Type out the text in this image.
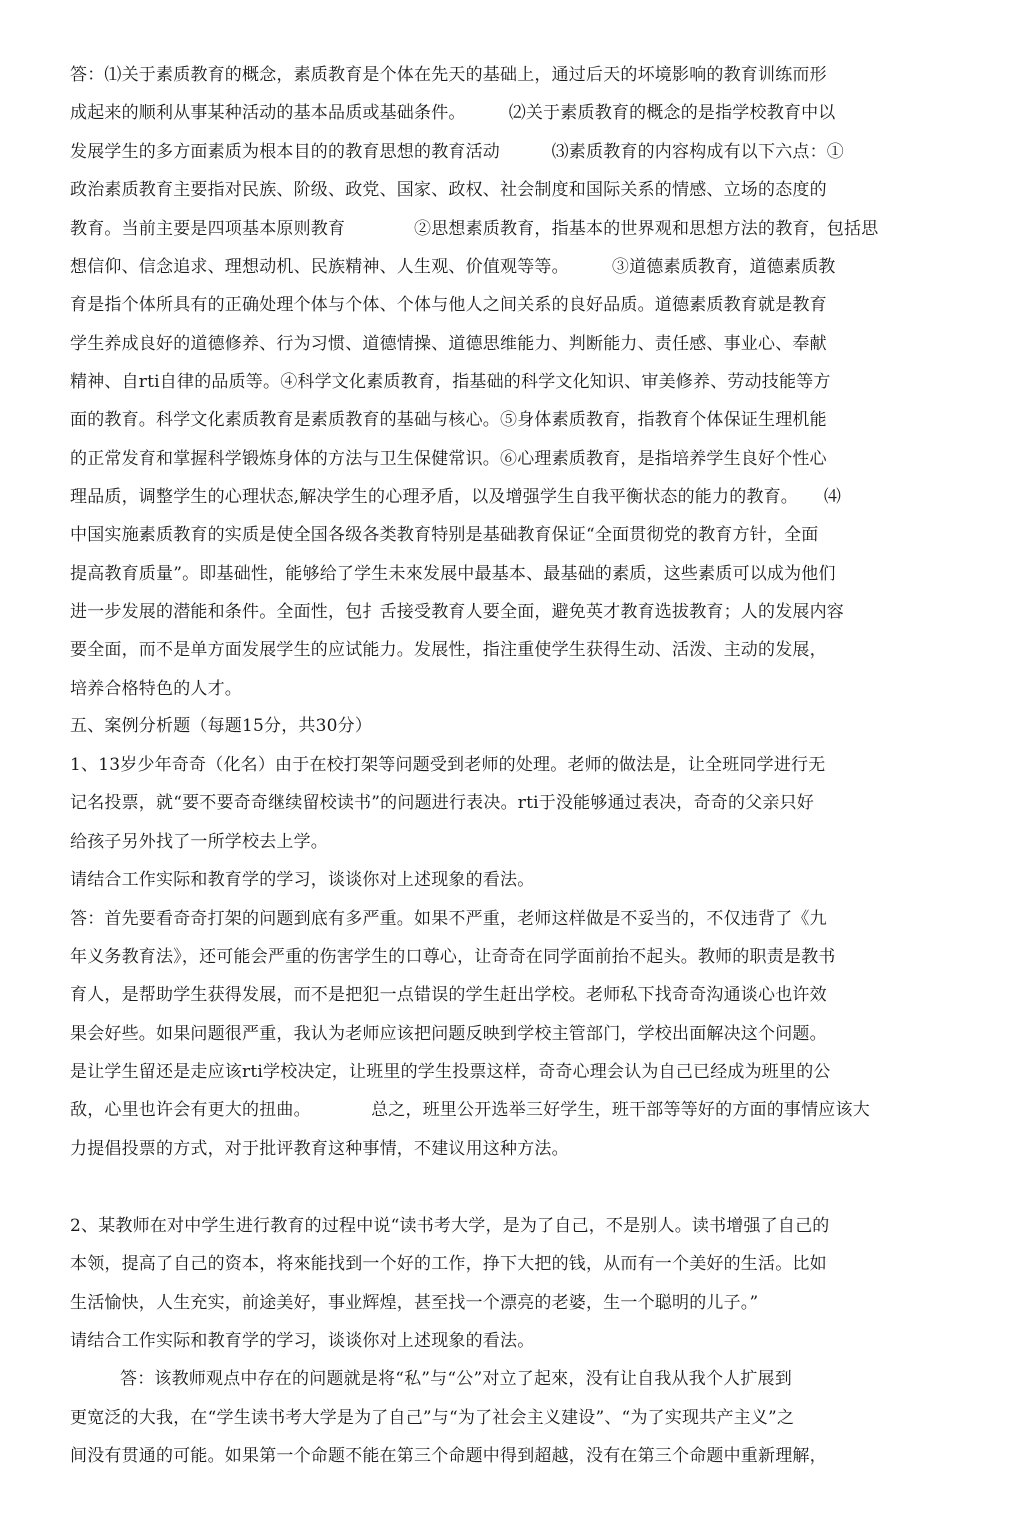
答：⑴关于素质教育的概念，素质教育是个体在先天的基础上，通过后天的坏境影响的教育训练而形
成起来的顺利从事某种活动的基本品质或基础条件。　　　⑵关于素质教育的概念的是指学校教育中以
发展学生的多方面素质为根本目的的教育思想的教育活动　　　⑶素质教育的内容构成有以下六点：①
政治素质教育主要指对民族、阶级、政党、国家、政权、社会制度和国际关系的情感、立场的态度的
教育。当前主要是四项基本原则教育　　　　②思想素质教育，指基本的世界观和思想方法的教育，包括思
想信仰、信念追求、理想动机、民族精神、人生观、价值观等等。　　　③道德素质教育，道德素质教
育是指个体所具有的正确处理个体与个体、个体与他人之间关系的良好品质。道德素质教育就是教育
学生养成良好的道德修养、行为习惯、道德情操、道德思维能力、判断能力、责任感、事业心、奉献
精神、自rti自律的品质等。④科学文化素质教育，指基础的科学文化知识、审美修养、劳动技能等方
面的教育。科学文化素质教育是素质教育的基础与核心。⑤身体素质教育，指教育个体保证生理机能
的正常发育和掌握科学锻炼身体的方法与卫生保健常识。⑥心理素质教育，是指培养学生良好个性心
理品质，调整学生的心理状态,解决学生的心理矛盾，以及增强学生自我平衡状态的能力的教育。　　⑷
中国实施素质教育的实质是使全国各级各类教育特别是基础教育保证“全面贯彻党的教育方针，全面
提高教育质量”。即基础性，能够给了学生未來发展中最基本、最基础的素质，这些素质可以成为他们
进一步发展的潜能和条件。全面性，包扌舌接受教育人要全面，避免英才教育选拔教育；人的发展内容
要全面，而不是单方面发展学生的应试能力。发展性，指注重使学生获得生动、活泼、主动的发展，
培养合格特色的人才。
五、案例分析题（每题15分，共30分）
1、13岁少年奇奇（化名）由于在校打架等问题受到老师的处理。老师的做法是，让全班同学进行无
记名投票，就“要不要奇奇继续留校读书”的问题进行表决。rti于没能够通过表决，奇奇的父亲只好
给孩子另外找了一所学校去上学。
请结合工作实际和教育学的学习，谈谈你对上述现象的看法。
答：首先要看奇奇打架的问题到底有多严重。如果不严重，老师这样做是不妥当的，不仅违背了《九
年义务教育法》，还可能会严重的伤害学生的口尊心，让奇奇在同学面前抬不起头。教师的职责是教书
育人，是帮助学生获得发展，而不是把犯一点错误的学生赶出学校。老师私下找奇奇沟通谈心也许效
果会好些。如果问题很严重，我认为老师应该把问题反映到学校主管部门，学校出面解决这个问题。
是让学生留还是走应该rti学校决定，让班里的学生投票这样，奇奇心理会认为自己已经成为班里的公
敌，心里也许会有更大的扭曲。　　　　总之，班里公开选举三好学生，班干部等等好的方面的事情应该大
力提倡投票的方式，对于批评教育这种事情，不建议用这种方法。
2、某教师在对中学生进行教育的过程中说“读书考大学，是为了自己，不是别人。读书增强了自己的
本领，提高了自己的资本，将來能找到一个好的工作，挣下大把的钱，从而有一个美好的生活。比如
生活愉快，人生充实，前途美好，事业辉煌，甚至找一个漂亮的老婆，生一个聪明的儿子。”
请结合工作实际和教育学的学习，谈谈你对上述现象的看法。
答：该教师观点中存在的问题就是将“私”与“公”对立了起來，没有让自我从我个人扩展到
更宽泛的大我，在“学生读书考大学是为了自己”与“为了社会主义建设”、“为了实现共产主义”之
间没有贯通的可能。如果第一个命题不能在第三个命题中得到超越，没有在第三个命题中重新理解，
